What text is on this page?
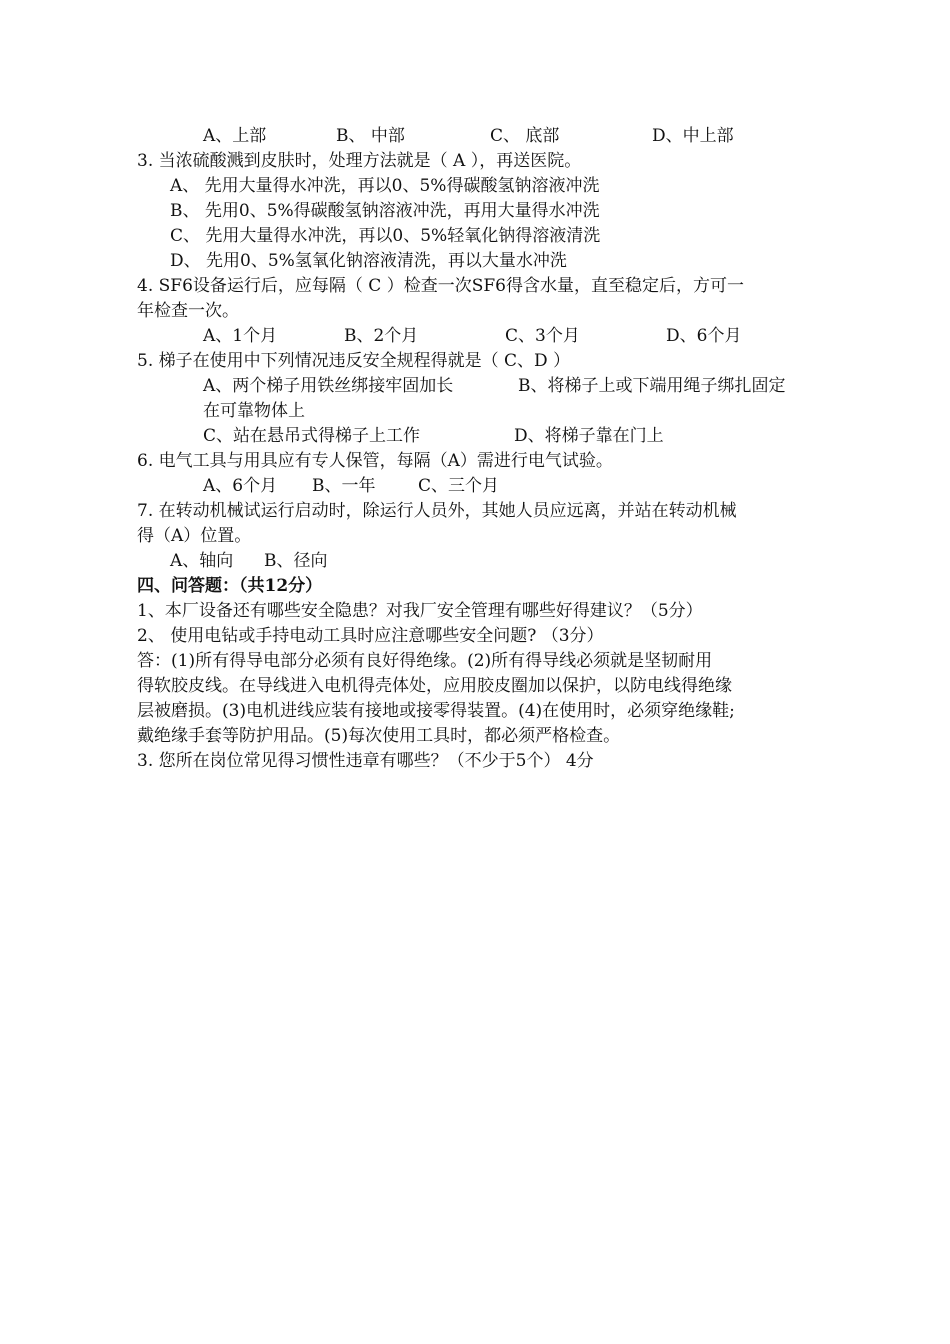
A、上部	B、 中部	C、 底部	D、中上部
3. 当浓硫酸溅到皮肤时，处理方法就是（ A ），再送医院。
A、 先用大量得水冲洗，再以0、5%得碳酸氢钠溶液冲洗
B、 先用0、5%得碳酸氢钠溶液冲洗，再用大量得水冲洗
C、 先用大量得水冲洗，再以0、5%轻氧化钠得溶液清洗
D、 先用0、5%氢氧化钠溶液清洗，再以大量水冲洗
4. SF6设备运行后，应每隔（ C ）检查一次SF6得含水量，直至稳定后，方可一
年检查一次。
A、1个月	B、2个月	C、3个月	D、6个月
5. 梯子在使用中下列情况违反安全规程得就是（ C、D ）
A、两个梯子用铁丝绑接牢固加长	B、将梯子上或下端用绳子绑扎固定
在可靠物体上
C、站在悬吊式得梯子上工作	D、将梯子靠在门上
6. 电气工具与用具应有专人保管，每隔（A）需进行电气试验。
A、6个月 B、一年	C、三个月
7. 在转动机械试运行启动时，除运行人员外，其她人员应远离，并站在转动机械
得（A）位置。
A、轴向 B、径向
四、问答题：（共12分）
1、本厂设备还有哪些安全隐患？对我厂安全管理有哪些好得建议？（5分）
2、 使用电钻或手持电动工具时应注意哪些安全问题? （3分）
答：(1)所有得导电部分必须有良好得绝缘。(2)所有得导线必须就是坚韧耐用
得软胶皮线。在导线进入电机得壳体处，应用胶皮圈加以保护，以防电线得绝缘
层被磨损。(3)电机进线应装有接地或接零得装置。(4)在使用时，必须穿绝缘鞋;
戴绝缘手套等防护用品。(5)每次使用工具时，都必须严格检查。
3. 您所在岗位常见得习惯性违章有哪些？（不少于5个） 4分
